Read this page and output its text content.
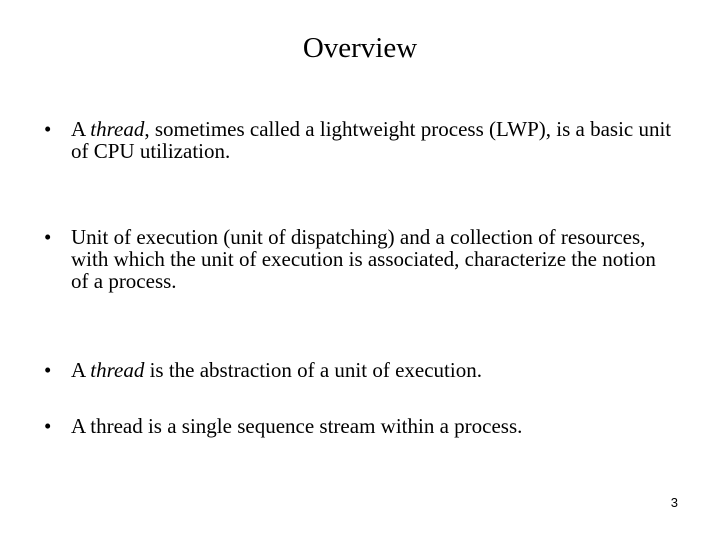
Overview
• A thread, sometimes called a lightweight process (LWP), is a basic unit of CPU utilization.
• Unit of execution (unit of dispatching) and a collection of resources, with which the unit of execution is associated, characterize the notion of a process.
• A thread is the abstraction of a unit of execution.
• A thread is a single sequence stream within a process.
3
